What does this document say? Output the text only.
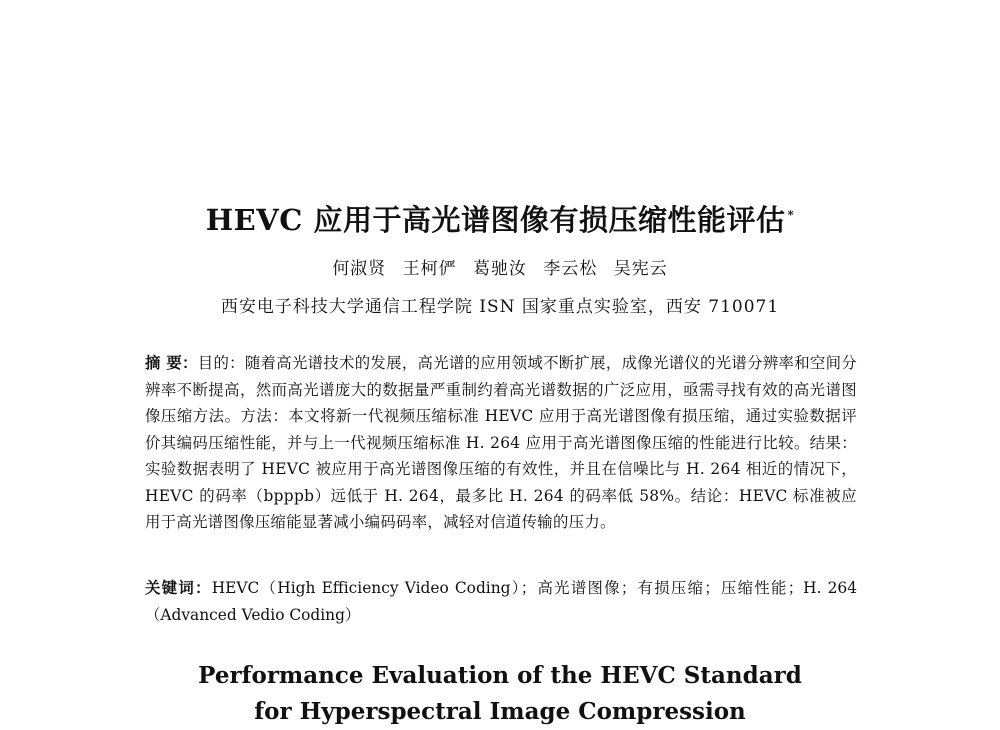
HEVC 应用于高光谱图像有损压缩性能评估 *
何淑贤 王柯俨 葛驰汝 李云松 吴宪云
西安电子科技大学通信工程学院 ISN 国家重点实验室，西安 710071
摘 要：目的：随着高光谱技术的发展，高光谱的应用领域不断扩展，成像光谱仪的光谱分辨率和空间分辨率不断提高，然而高光谱庞大的数据量严重制约着高光谱数据的广泛应用，亟需寻找有效的高光谱图像压缩方法。方法：本文将新一代视频压缩标准 HEVC 应用于高光谱图像有损压缩，通过实验数据评价其编码压缩性能，并与上一代视频压缩标准 H. 264 应用于高光谱图像压缩的性能进行比较。结果：实验数据表明了 HEVC 被应用于高光谱图像压缩的有效性，并且在信噪比与 H. 264 相近的情况下，HEVC 的码率（bpppb）远低于 H. 264，最多比 H. 264 的码率低 58%。结论：HEVC 标准被应用于高光谱图像压缩能显著减小编码码率，减轻对信道传输的压力。
关键词：HEVC（High Efficiency Video Coding）；高光谱图像；有损压缩；压缩性能；H. 264（Advanced Vedio Coding）
Performance Evaluation of the HEVC Standard
for Hyperspectral Image Compression
